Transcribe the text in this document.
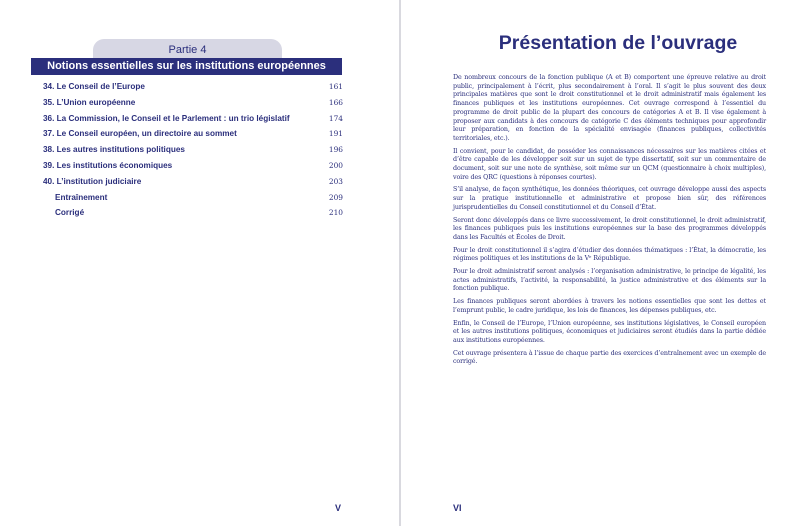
Partie 4
Notions essentielles sur les institutions européennes
34. Le Conseil de l’Europe	161
35. L’Union européenne	166
36. La Commission, le Conseil et le Parlement : un trio législatif	174
37. Le Conseil européen, un directoire au sommet	191
38. Les autres institutions politiques	196
39. Les institutions économiques	200
40. L’institution judiciaire	203
Entraînement	209
Corrigé	210
V
Présentation de l’ouvrage

De nombreux concours de la fonction publique (A et B) comportent une épreuve relative au droit public, principalement à l’écrit, plus secondairement à l’oral. Il s’agit le plus souvent des deux principales matières que sont le droit constitutionnel et le droit administratif mais également les finances publiques et les institutions européennes. Cet ouvrage correspond à l’essentiel du programme de droit public de la plupart des concours de catégories A et B. Il vise également à proposer aux candidats à des concours de catégorie C des éléments techniques pour approfondir leur préparation, en fonction de la spécialité envisagée (finances publiques, collectivités territoriales, etc.).

Il convient, pour le candidat, de posséder les connaissances nécessaires sur les matières citées et d’être capable de les développer soit sur un sujet de type dissertatif, soit sur un commentaire de document, soit sur une note de synthèse, soit même sur un QCM (questionnaire à choix multiples), voire des QRC (questions à réponses courtes).

S’il analyse, de façon synthétique, les données théoriques, cet ouvrage développe aussi des aspects sur la pratique institutionnelle et administrative et propose bien sûr, des références jurisprudentielles du Conseil constitutionnel et du Conseil d’État.

Seront donc développés dans ce livre successivement, le droit constitutionnel, le droit administratif, les finances publiques puis les institutions européennes sur la base des programmes développés dans les Facultés et Écoles de Droit.

Pour le droit constitutionnel il s’agira d’étudier des données thématiques : l’État, la démocratie, les régimes politiques et les institutions de la Vᵉ République.

Pour le droit administratif seront analysés : l’organisation administrative, le principe de légalité, les actes administratifs, l’activité, la responsabilité, la justice administrative et des éléments sur la fonction publique.

Les finances publiques seront abordées à travers les notions essentielles que sont les dettes et l’emprunt public, le cadre juridique, les lois de finances, les dépenses publiques, etc.

Enfin, le Conseil de l’Europe, l’Union européenne, ses institutions législatives, le Conseil européen et les autres institutions politiques, économiques et judiciaires seront étudiés dans la partie dédiée aux institutions européennes.

Cet ouvrage présentera à l’issue de chaque partie des exercices d’entraînement avec un exemple de corrigé.

VI
